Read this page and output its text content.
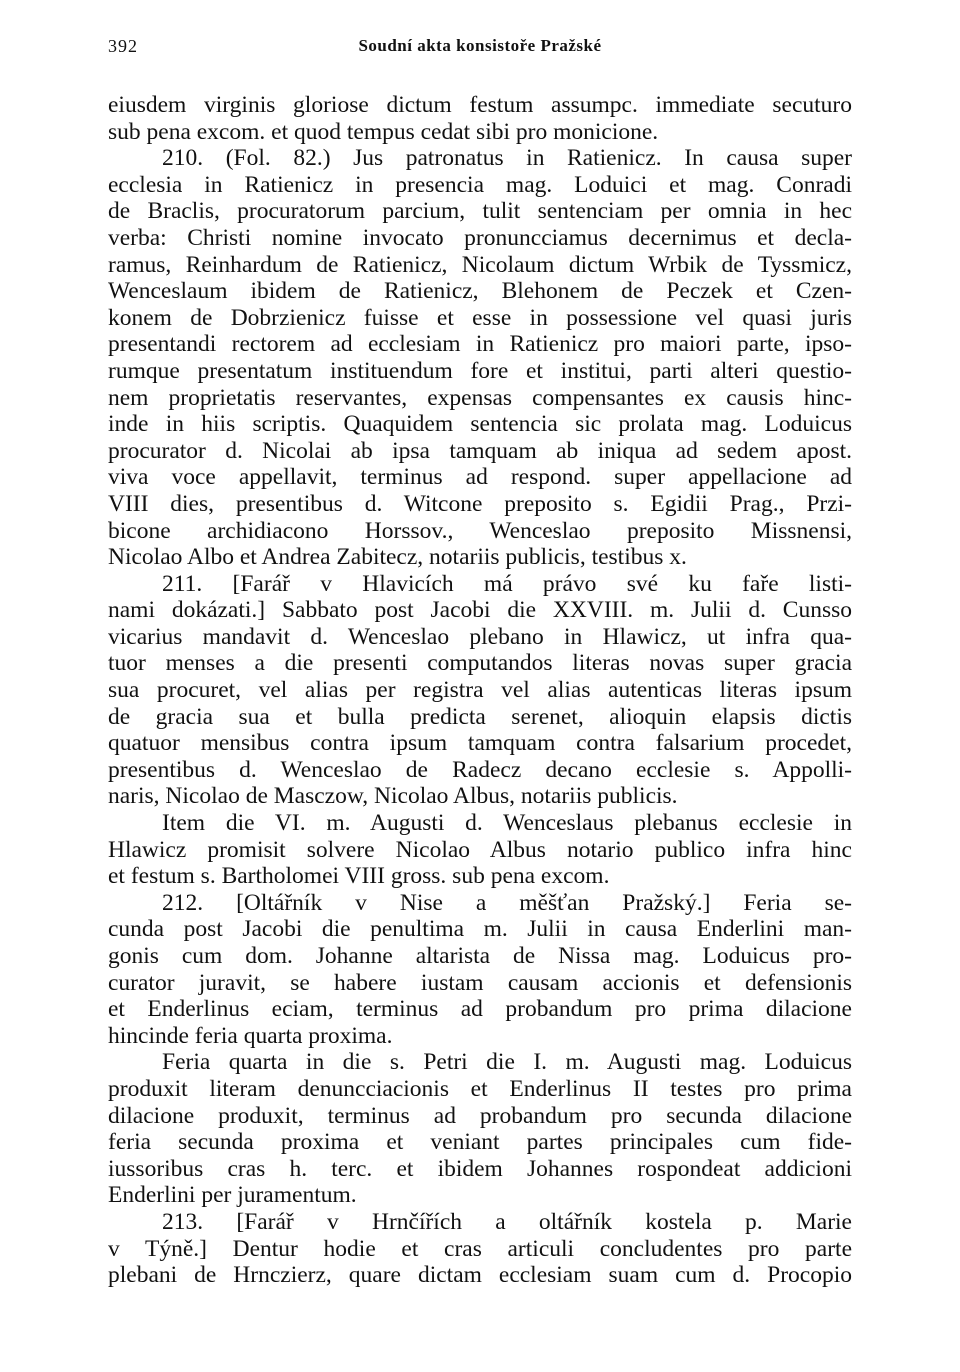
392	Soudní akta konsistoře Pražské
eiusdem virginis gloriose dictum festum assumpc. immediate secuturo
sub pena excom. et quod tempus cedat sibi pro monicione.
210. (Fol. 82.) Jus patronatus in Ratienicz. In causa super
ecclesia in Ratienicz in presencia mag. Loduici et mag. Conradi
de Braclis, procuratorum parcium, tulit sentenciam per omnia in hec
verba: Christi nomine invocato pronuncciamus decernimus et decla-
ramus, Reinhardum de Ratienicz, Nicolaum dictum Wrbik de Tyssmicz,
Wenceslaum ibidem de Ratienicz, Blehonem de Peczek et Czen-
konem de Dobrzienicz fuisse et esse in possessione vel quasi juris
presentandi rectorem ad ecclesiam in Ratienicz pro maiori parte, ipso-
rumque presentatum instituendum fore et institui, parti alteri questio-
nem proprietatis reservantes, expensas compensantes ex causis hinc-
inde in hiis scriptis. Quaquidem sentencia sic prolata mag. Loduicus
procurator d. Nicolai ab ipsa tamquam ab iniqua ad sedem apost.
viva voce appellavit, terminus ad respond. super appellacione ad
VIII dies, presentibus d. Witcone preposito s. Egidii Prag., Przi-
bicone archidiacono Horssov., Wenceslao preposito Missnensi,
Nicolao Albo et Andrea Zabitecz, notariis publicis, testibus x.
211. [Farář v Hlavicích má právo své ku faře listi-
nami dokázati.] Sabbato post Jacobi die XXVIII. m. Julii d. Cunsso
vicarius mandavit d. Wenceslao plebano in Hlawicz, ut infra qua-
tuor menses a die presenti computandos literas novas super gracia
sua procuret, vel alias per registra vel alias autenticas literas ipsum
de gracia sua et bulla predicta serenet, alioquin elapsis dictis
quatuor mensibus contra ipsum tamquam contra falsarium procedet,
presentibus d. Wenceslao de Radecz decano ecclesie s. Appolli-
naris, Nicolao de Masczow, Nicolao Albus, notariis publicis.
Item die VI. m. Augusti d. Wenceslaus plebanus ecclesie in
Hlawicz promisit solvere Nicolao Albus notario publico infra hinc
et festum s. Bartholomei VIII gross. sub pena excom.
212. [Oltářník v Nise a měšťan Pražský.] Feria se-
cunda post Jacobi die penultima m. Julii in causa Enderlini man-
gonis cum dom. Johanne altarista de Nissa mag. Loduicus pro-
curator juravit, se habere iustam causam accionis et defensionis
et Enderlinus eciam, terminus ad probandum pro prima dilacione
hincinde feria quarta proxima.
Feria quarta in die s. Petri die I. m. Augusti mag. Loduicus
produxit literam denuncciacionis et Enderlinus II testes pro prima
dilacione produxit, terminus ad probandum pro secunda dilacione
feria secunda proxima et veniant partes principales cum fide-
iussoribus cras h. terc. et ibidem Johannes rospondeat addicioni
Enderlini per juramentum.
213. [Farář v Hrnčířích a oltářník kostela p. Marie
v Týně.] Dentur hodie et cras articuli concludentes pro parte
plebani de Hrnczierz, quare dictam ecclesiam suam cum d. Procopio
